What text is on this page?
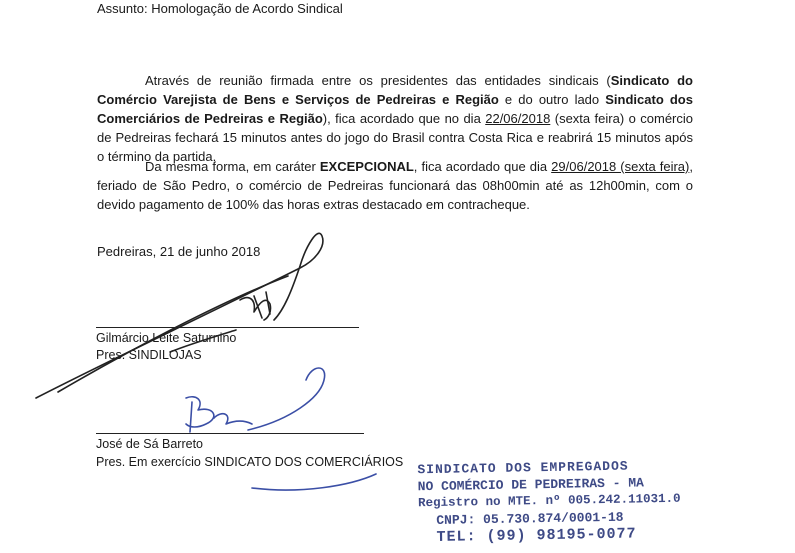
Assunto: Homologação de Acordo Sindical

Através de reunião firmada entre os presidentes das entidades sindicais (Sindicato do Comércio Varejista de Bens e Serviços de Pedreiras e Região e do outro lado Sindicato dos Comerciários de Pedreiras e Região), fica acordado que no dia 22/06/2018 (sexta feira) o comércio de Pedreiras fechará 15 minutos antes do jogo do Brasil contra Costa Rica e reabrirá 15 minutos após o término da partida.

Da mesma forma, em caráter EXCEPCIONAL, fica acordado que dia 29/06/2018 (sexta feira), feriado de São Pedro, o comércio de Pedreiras funcionará das 08h00min até as 12h00min, com o devido pagamento de 100% das horas extras destacado em contracheque.

Pedreiras, 21 de junho 2018
Gilmárcio Leite Saturnino
Pres. SINDILOJAS
José de Sá Barreto
Pres. Em exercício SINDICATO DOS COMERCIÁRIOS SINDICATO DOS EMPREGADOS
NO COMÉRCIO DE PEDREIRAS - MA
Registro no MTE. nº 005.242.11031.0
CNPJ: 05.730.874/0001-18
TEL: (99) 98195-0077
